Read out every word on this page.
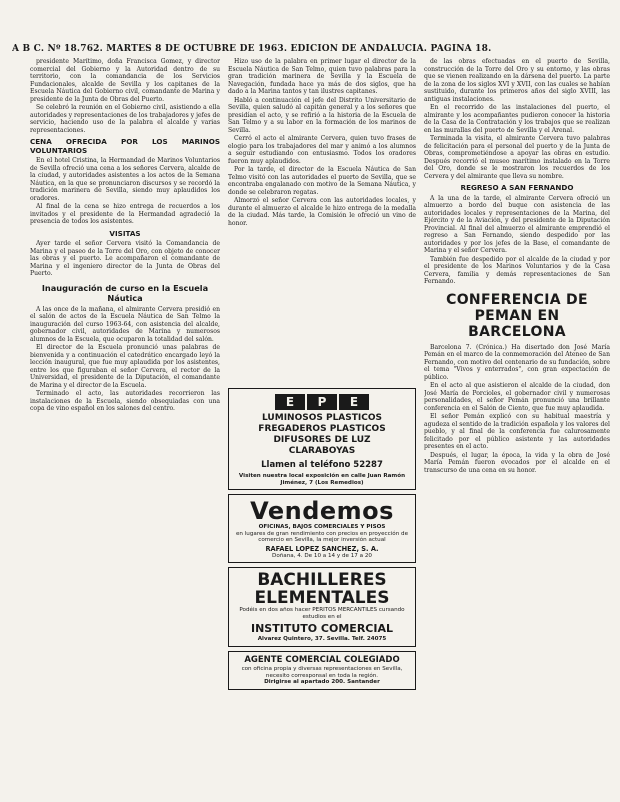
A B C. Nº 18.762. MARTES 8 DE OCTUBRE DE 1963. EDICION DE ANDALUCIA. PAGINA 18.

presidente Marítimo, doña Francisca Gomez, y director comercial del Gobierno y la Autoridad dentro de su territorio, con la comandancia de los Servicios Fundacionales, alcalde de Sevilla y los capitanes de la Escuela Náutica del Gobierno civil, comandante de Marina y presidente de la Junta de Obras del Puerto.

Se celebró la reunión en el Gobierno civil, asistiendo a ella autoridades y representaciones de los trabajadores y jefes de servicio, haciendo uso de la palabra el alcalde y varias representaciones.

CENA OFRECIDA POR LOS MARINOS VOLUNTARIOS

En el hotel Cristina, la Hermandad de Marinos Voluntarios de Sevilla ofreció una cena a los señores Cervera, alcalde de la ciudad, y autoridades asistentes a los actos de la Semana Náutica, en la que se pronunciaron discursos y se recordó la tradición marinera de Sevilla, siendo muy aplaudidos los oradores.

Al final de la cena se hizo entrega de recuerdos a los invitados y el presidente de la Hermandad agradeció la presencia de todos los asistentes.

VISITAS

Ayer tarde el señor Cervera visitó la Comandancia de Marina y el paseo de la Torre del Oro, con objeto de conocer las obras y el puerto. Le acompañaron el comandante de Marina y el ingeniero director de la Junta de Obras del Puerto.

Inauguración de curso en la Escuela Náutica

A las once de la mañana, el almirante Cervera presidió en el salón de actos de la Escuela Náutica de San Telmo la inauguración del curso 1963-64, con asistencia del alcalde, gobernador civil, autoridades de Marina y numerosos alumnos de la Escuela, que ocuparon la totalidad del salón.

El director de la Escuela pronunció unas palabras de bienvenida y a continuación el catedrático encargado leyó la lección inaugural, que fue muy aplaudida por los asistentes, entre los que figuraban el señor Cervera, el rector de la Universidad, el presidente de la Diputación, el comandante de Marina y el director de la Escuela.

Terminado el acto, las autoridades recorrieron las instalaciones de la Escuela, siendo obsequiadas con una copa de vino español en los salones del centro.

Hizo uso de la palabra en primer lugar el director de la Escuela Náutica de San Telmo, quien tuvo palabras para la gran tradición marinera de Sevilla y la Escuela de Navegación, fundada hace ya más de dos siglos, que ha dado a la Marina tantos y tan ilustres capitanes.

Habló a continuación el jefe del Distrito Universitario de Sevilla, quien saludó al capitán general y a los señores que presidían el acto, y se refirió a la historia de la Escuela de San Telmo y a su labor en la formación de los marinos de Sevilla.

Cerró el acto el almirante Cervera, quien tuvo frases de elogio para los trabajadores del mar y animó a los alumnos a seguir estudiando con entusiasmo. Todos los oradores fueron muy aplaudidos.

Por la tarde, el director de la Escuela Náutica de San Telmo visitó con las autoridades el puerto de Sevilla, que se encontraba engalanado con motivo de la Semana Náutica, y donde se celebraron regatas.

Almorzó el señor Cervera con las autoridades locales, y durante el almuerzo el alcalde le hizo entrega de la medalla de la ciudad. Más tarde, la Comisión le ofreció un vino de honor.

E	P	E
LUMINOSOS PLASTICOS
FREGADEROS PLASTICOS
DIFUSORES DE LUZ
CLARABOYAS
Llamen al teléfono 52287
Visiten nuestra local exposición en calle Juan Ramón Jiménez, 7 (Los Remedios)
Vendemos
OFICINAS, BAJOS COMERCIALES Y PISOS
en lugares de gran rendimiento con precios en proyección de comercio en Sevilla, la mejor inversión actual
RAFAEL LOPEZ SANCHEZ, S. A.
Doñana, 4. De 10 a 14 y de 17 a 20
BACHILLERES
ELEMENTALES
Podéis en dos años hacer PERITOS MERCANTILES cursando estudios en el
INSTITUTO COMERCIAL
Alvarez Quintero, 37. Sevilla. Telf. 24075
AGENTE COMERCIAL COLEGIADO
con oficina propia y diversas representaciones en Sevilla, necesito corresponsal en toda la región.
Dirigirse al apartado 200. Santander

de las obras efectuadas en el puerto de Sevilla, construcción de la Torre del Oro y su entorno, y las obras que se vienen realizando en la dársena del puerto. La parte de la zona de los siglos XVI y XVII, con las cuales se habían sustituido, durante los primeros años del siglo XVIII, las antiguas instalaciones.

En el recorrido de las instalaciones del puerto, el almirante y los acompañantes pudieron conocer la historia de la Casa de la Contratación y los trabajos que se realizan en las murallas del puerto de Sevilla y el Arenal.

Terminada la visita, el almirante Cervera tuvo palabras de felicitación para el personal del puerto y de la Junta de Obras, comprometiéndose a apoyar las obras en estudio. Después recorrió el museo marítimo instalado en la Torre del Oro, donde se le mostraron los recuerdos de los Cervera y del almirante que lleva su nombre.

REGRESO A SAN FERNANDO

A la una de la tarde, el almirante Cervera ofreció un almuerzo a bordo del buque con asistencia de las autoridades locales y representaciones de la Marina, del Ejército y de la Aviación, y del presidente de la Diputación Provincial. Al final del almuerzo el almirante emprendió el regreso a San Fernando, siendo despedido por las autoridades y por los jefes de la Base, el comandante de Marina y el señor Cervera.

También fue despedido por el alcalde de la ciudad y por el presidente de los Marinos Voluntarios y de la Casa Cervera, familia y demás representaciones de San Fernando.

CONFERENCIA DE PEMAN EN BARCELONA

Barcelona 7. (Crónica.) Ha disertado don José María Pemán en el marco de la conmemoración del Ateneo de San Fernando, con motivo del centenario de su fundación, sobre el tema "Vivos y enterrados", con gran expectación de público.

En el acto al que asistieron el alcalde de la ciudad, don José María de Porcioles, el gobernador civil y numerosas personalidades, el señor Pemán pronunció una brillante conferencia en el Salón de Ciento, que fue muy aplaudida.

El señor Pemán explicó con su habitual maestría y agudeza el sentido de la tradición española y los valores del pueblo, y al final de la conferencia fue calurosamente felicitado por el público asistente y las autoridades presentes en el acto.

Después, el lugar, la época, la vida y la obra de José María Pemán fueron evocados por el alcalde en el transcurso de una cena en su honor.
